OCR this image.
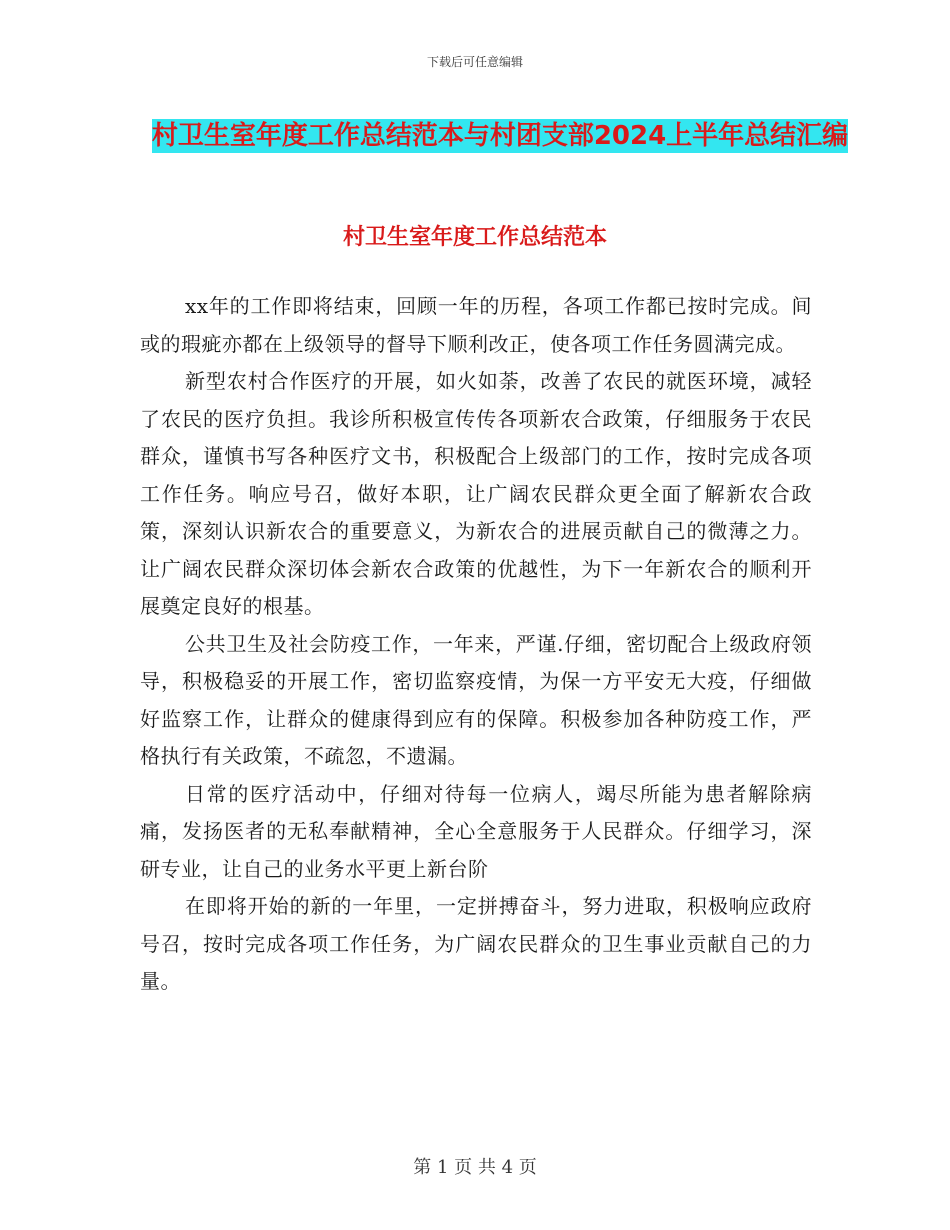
下载后可任意编辑
村卫生室年度工作总结范本与村团支部2024上半年总结汇编
村卫生室年度工作总结范本

xx年的工作即将结束，回顾一年的历程，各项工作都已按时完成。间或的瑕疵亦都在上级领导的督导下顺利改正，使各项工作任务圆满完成。

新型农村合作医疗的开展，如火如荼，改善了农民的就医环境，减轻了农民的医疗负担。我诊所积极宣传传各项新农合政策，仔细服务于农民群众，谨慎书写各种医疗文书，积极配合上级部门的工作，按时完成各项工作任务。响应号召，做好本职，让广阔农民群众更全面了解新农合政策，深刻认识新农合的重要意义，为新农合的进展贡献自己的微薄之力。让广阔农民群众深切体会新农合政策的优越性，为下一年新农合的顺利开展奠定良好的根基。

公共卫生及社会防疫工作，一年来，严谨.仔细，密切配合上级政府领导，积极稳妥的开展工作，密切监察疫情，为保一方平安无大疫，仔细做好监察工作，让群众的健康得到应有的保障。积极参加各种防疫工作，严格执行有关政策，不疏忽，不遗漏。

日常的医疗活动中，仔细对待每一位病人，竭尽所能为患者解除病痛，发扬医者的无私奉献精神，全心全意服务于人民群众。仔细学习，深研专业，让自己的业务水平更上新台阶

在即将开始的新的一年里，一定拼搏奋斗，努力进取，积极响应政府号召，按时完成各项工作任务，为广阔农民群众的卫生事业贡献自己的力量。

第 1 页 共 4 页
